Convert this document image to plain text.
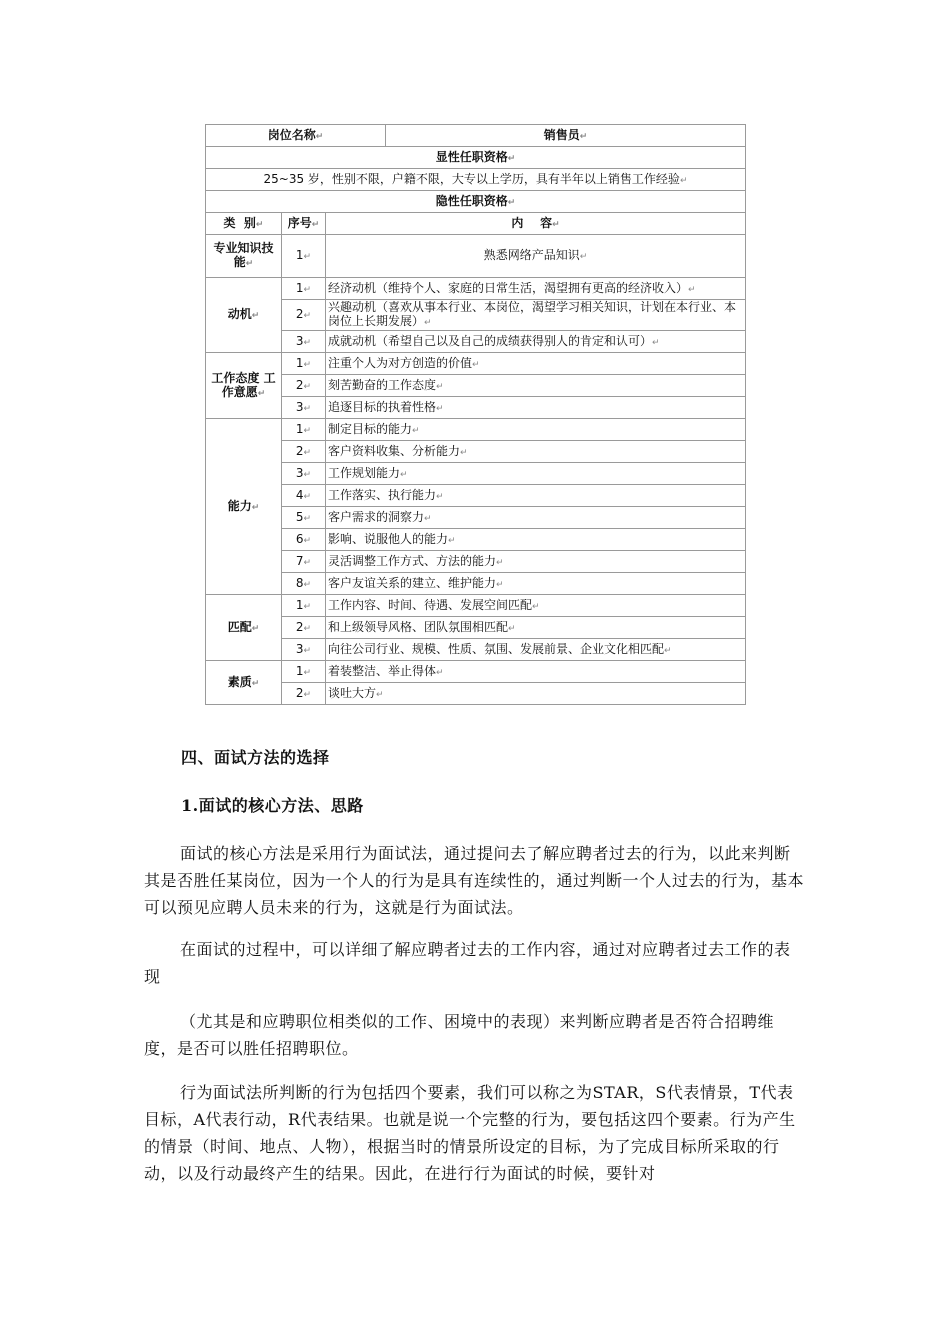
岗位名称↵			销售员↵
显性任职资格↵			
25~35 岁，性别不限，户籍不限，大专以上学历，具有半年以上销售工作经验↵			
隐性任职资格↵			
类  别↵	序号↵	内    容↵	
专业知识技能↵	1↵	熟悉网络产品知识↵	
动机↵	1↵	经济动机（维持个人、家庭的日常生活，渴望拥有更高的经济收入）↵	
	2↵	兴趣动机（喜欢从事本行业、本岗位，渴望学习相关知识，计划在本行业、本岗位上长期发展）↵	
	3↵	成就动机（希望自己以及自己的成绩获得别人的肯定和认可）↵	
工作态度 工作意愿↵	1↵	注重个人为对方创造的价值↵	
	2↵	刻苦勤奋的工作态度↵	
	3↵	追逐目标的执着性格↵	
能力↵	1↵	制定目标的能力↵	
	2↵	客户资料收集、分析能力↵	
	3↵	工作规划能力↵	
	4↵	工作落实、执行能力↵	
	5↵	客户需求的洞察力↵	
	6↵	影响、说服他人的能力↵	
	7↵	灵活调整工作方式、方法的能力↵	
	8↵	客户友谊关系的建立、维护能力↵	
匹配↵	1↵	工作内容、时间、待遇、发展空间匹配↵	
	2↵	和上级领导风格、团队氛围相匹配↵	
	3↵	向往公司行业、规模、性质、氛围、发展前景、企业文化相匹配↵	
素质↵	1↵	着装整洁、举止得体↵	
	2↵	谈吐大方↵	
四、面试方法的选择
1.面试的核心方法、思路
面试的核心方法是采用行为面试法，通过提问去了解应聘者过去的行为，以此来判断其是否胜任某岗位，因为一个人的行为是具有连续性的，通过判断一个人过去的行为，基本可以预见应聘人员未来的行为，这就是行为面试法。
在面试的过程中，可以详细了解应聘者过去的工作内容，通过对应聘者过去工作的表现
（尤其是和应聘职位相类似的工作、困境中的表现）来判断应聘者是否符合招聘维度，是否可以胜任招聘职位。
行为面试法所判断的行为包括四个要素，我们可以称之为STAR，S代表情景，T代表目标，A代表行动，R代表结果。也就是说一个完整的行为，要包括这四个要素。行为产生的情景（时间、地点、人物），根据当时的情景所设定的目标，为了完成目标所采取的行动，以及行动最终产生的结果。因此，在进行行为面试的时候，要针对
